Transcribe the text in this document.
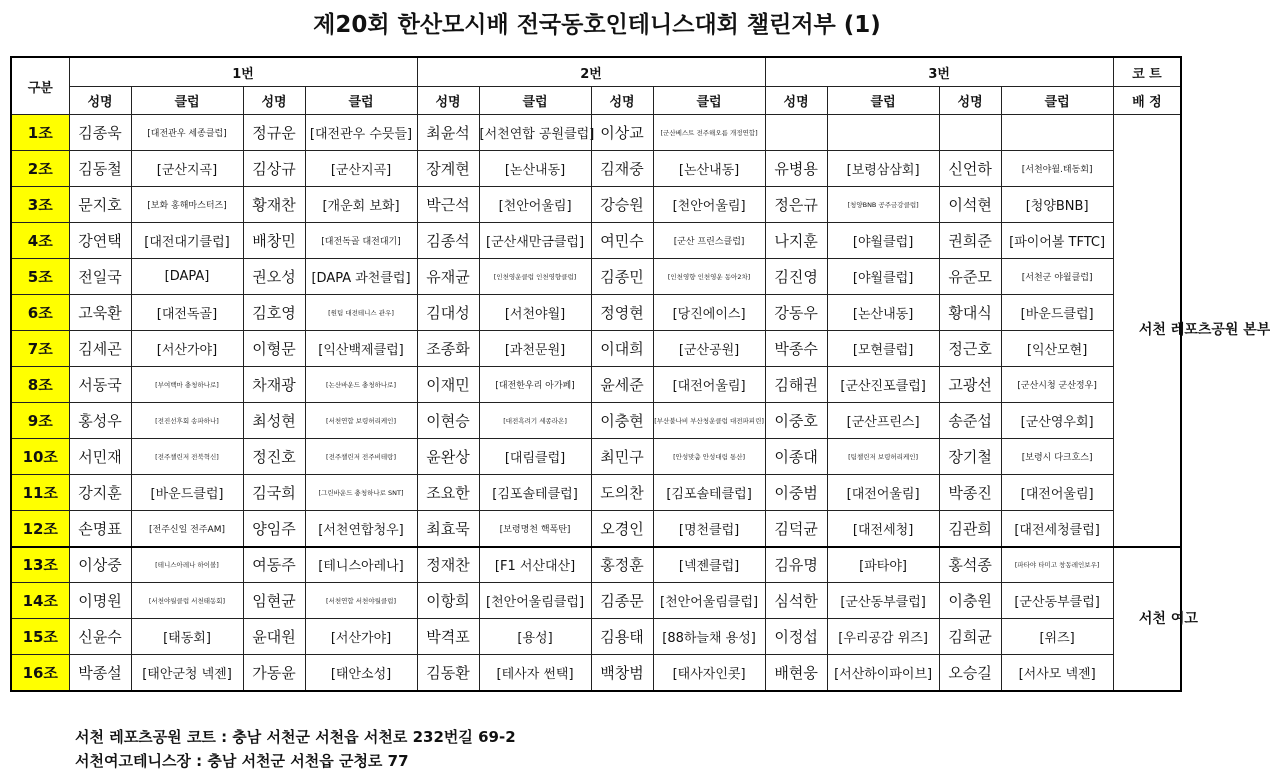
제20회 한산모시배 전국동호인테니스대회 챌린저부 (1)
구분	1번				2번				3번				코 트
	성명	클럽	성명	클럽	성명	클럽	성명	클럽	성명	클럽	성명	클럽	배 정
1조	김종욱	[대전관우 세종클럽]	정규운	[대전관우 수믓들]	최윤석	[서천연합 공원클럽]	이상교	[군산베스트 전주해오름 개정연합]					서천 레포츠공원 본부
2조	김동철	[군산지곡]	김상규	[군산지곡]	장계현	[논산내동]	김재중	[논산내동]	유병용	[보령삼삼회]	신언하	[서천야월.태동회]	
3조	문지호	[보화 홍해마스터즈]	황재찬	[개운회 보화]	박근석	[천안어울림]	강승원	[천안어울림]	정은규	[청양BNB 공주금강클럽]	이석현	[청양BNB]	
4조	강연택	[대전대기클럽]	배창민	[대전독골 대전대기]	김종석	[군산새만금클럽]	여민수	[군산 프린스클럽]	나지훈	[야월클럽]	권희준	[파이어볼 TFTC]	
5조	전일국	[DAPA]	권오성	[DAPA 과천클럽]	유재균	[인천영운클럽 인천영향클럽]	김종민	[인천영향 인천영운 동아2차]	김진영	[야월클럽]	유준모	[서천군 야월클럽]	
6조	고욱환	[대전독골]	김호영	[원팀 대전테니스 관우]	김대성	[서천야월]	정영현	[당진에이스]	강동우	[논산내동]	황대식	[바운드클럽]	
7조	김세곤	[서산가야]	이형문	[익산백제클럽]	조종화	[과천문원]	이대희	[군산공원]	박종수	[모현클럽]	정근호	[익산모현]	
8조	서동국	[부여백마 충청하나로]	차재광	[논산바운드 충청하나로]	이재민	[대전한우리 아가페]	윤세준	[대전어울림]	김해권	[군산진포클럽]	고광선	[군산시청 군산정우]	
9조	홍성우	[전진선후회 송파하나]	최성현	[서천연합 보령허리케인]	이현승	[대전흑려기 세종라온]	이충현	[부산불나비 부산청운클럽 대전파피린]	이중호	[군산프린스]	송준섭	[군산영우회]	
10조	서민재	[전주챌린저 전북혁신]	정진호	[전주챌린저 전주비테랑]	윤완상	[대림클럽]	최민구	[안성맞춤 안성대림 통산]	이종대	[팀챌린저 보령허리케인]	장기철	[보령시 다크호스]	
11조	강지훈	[바운드클럽]	김국희	[그린바운드 충청하나로 SNT]	조요한	[김포솔테클럽]	도의찬	[김포솔테클럽]	이중범	[대전어울림]	박종진	[대전어울림]	
12조	손명표	[전주신일 전주AM]	양임주	[서천연합청우]	최효묵	[보령명천 핵폭탄]	오경인	[명천클럽]	김덕균	[대전세청]	김관희	[대전세청클럽]	
13조	이상중	[테니스아레나 하이볼]	여동주	[테니스아레나]	정재찬	[F1 서산대산]	홍정훈	[넥젠클럽]	김유명	[파타야]	홍석종	[파타야 타미고 창동레인보우]	서천 여고
14조	이명원	[서천야월클럽 서천태동회]	임현균	[서천연합 서천야월클럽]	이항희	[천안어울림클럽]	김종문	[천안어울림클럽]	심석한	[군산동부클럽]	이충원	[군산동부클럽]	
15조	신윤수	[태동회]	윤대원	[서산가야]	박격포	[용성]	김용태	[88하늘채 용성]	이정섭	[우리공감 위즈]	김희균	[위즈]	
16조	박종설	[태안군청 넥젠]	가동윤	[태안소성]	김동환	[테사자 썬택]	백창범	[태사자인콧]	배현웅	[서산하이파이브]	오승길	[서사모 넥젠]	
서천 레포츠공원 코트 : 충남 서천군 서천읍 서천로 232번길 69-2
서천여고테니스장 : 충남 서천군 서천읍 군청로 77
